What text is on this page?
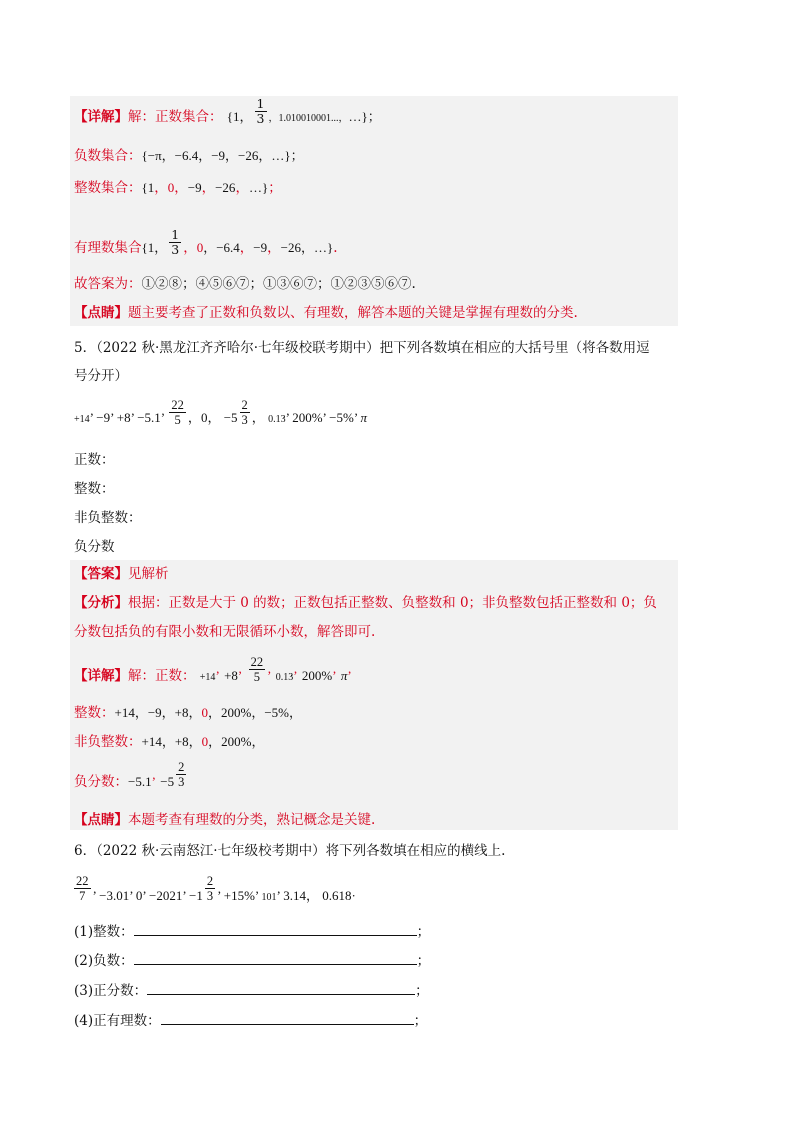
【详解】解：正数集合： {1， $\frac{1}{3}$ ，1.010010001...，…}；
负数集合：{−π，−6.4，−9，−26，…}；
整数集合：{1，0，−9，−26，…}；
有理数集合{1， $\frac{1}{3}$ ，0，−6.4，−9，−26，…}.
故答案为：①②⑧；④⑤⑥⑦；①③⑥⑦；①②③⑤⑥⑦.
【点睛】题主要考查了正数和负数以、有理数，解答本题的关键是掌握有理数的分类.
5．（2022 秋·黑龙江齐齐哈尔·七年级校联考期中）把下列各数填在相应的大括号里（将各数用逗
号分开）
+14’ −9’ +8’ −5.1’ $\frac{22}{5}$ ，0， $-5 \frac{2}{3}$ ， 0.13 .’ 200%’ −5%’ π
正数：
整数：
非负整数：
负分数
【答案】见解析
【分析】根据：正数是大于 0 的数；正数包括正整数、负整数和 0；非负整数包括正整数和 0；负
分数包括负的有限小数和无限循环小数，解答即可.
【详解】解：正数： +14’ +8’ $\frac{22}{5}$ ’ 0.13 .’ 200%’ π’
整数：+14，−9，+8，0，200%，−5%，
非负整数：+14，+8，0，200%，
负分数：−5.1’ $-5 \frac{2}{3}$
【点睛】本题考查有理数的分类，熟记概念是关键.
6．（2022 秋·云南怒江·七年级校考期中）将下列各数填在相应的横线上.
$\frac{22}{7}$ ’ −3.01’ 0’ −2021’ $-1 \frac{2}{3}$ ’ +15%’ 101’ 3.14， 0.618·
(1)整数：	；
(2)负数：	；
(3)正分数：	；
(4)正有理数：	；
